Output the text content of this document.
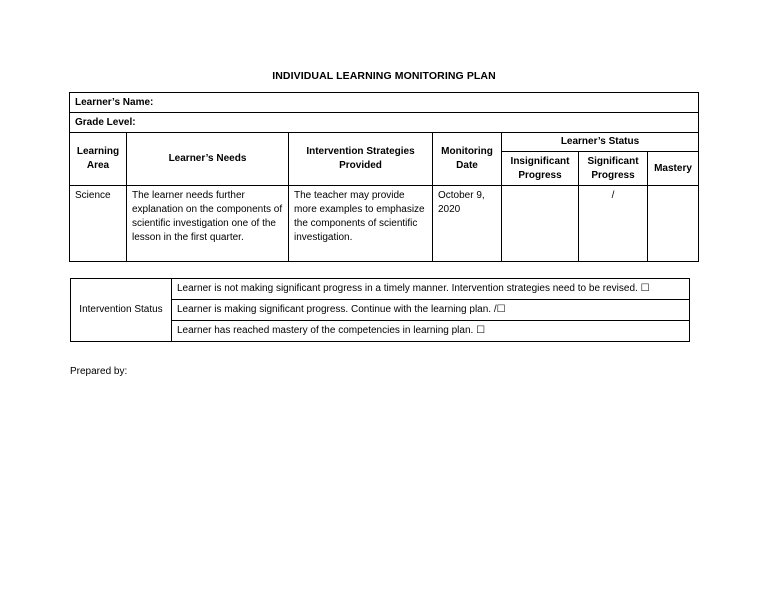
INDIVIDUAL LEARNING MONITORING PLAN
Learner’s Name:						
Grade Level:						
Learning Area	Learner’s Needs	Intervention Strategies Provided	Monitoring Date	Learner’s Status		
				Insignificant Progress	Significant Progress	Mastery
Science	The learner needs further explanation on the components of scientific investigation one of the lesson in the first quarter.	The teacher may provide more examples to emphasize the components of scientific investigation.	October 9, 2020		/	
Intervention Status	Learner is not making significant progress in a timely manner. Intervention strategies need to be revised. ☐
Learner is making significant progress. Continue with the learning plan. /☐
Learner has reached mastery of the competencies in learning plan. ☐
Prepared by:
